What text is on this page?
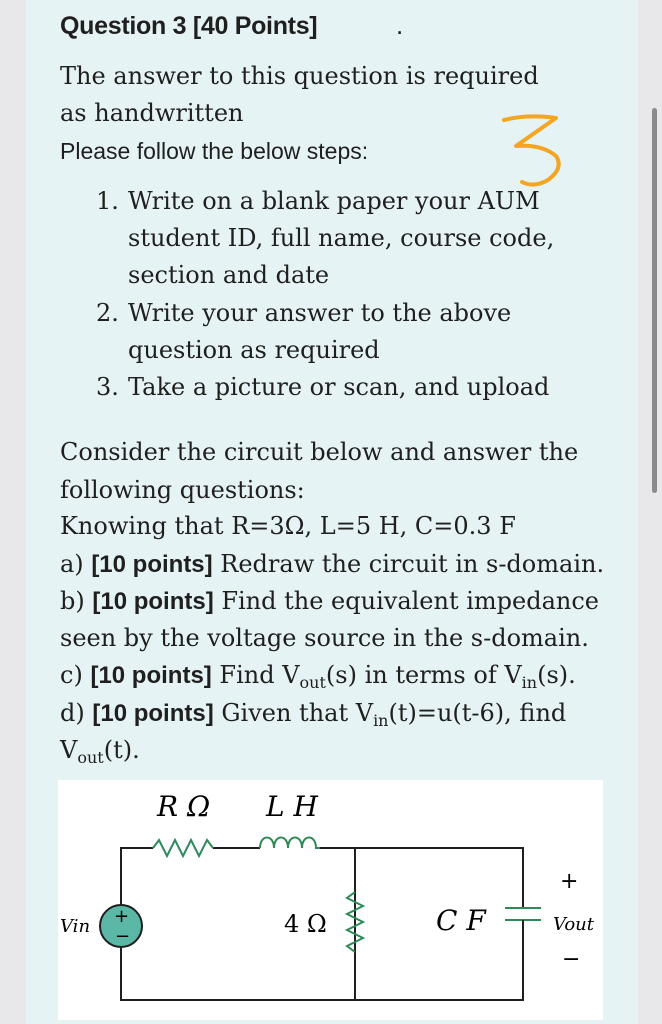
Question 3 [40 Points]	.
The answer to this question is required
as handwritten
Please follow the below steps:
1. Write on a blank paper your AUM
student ID, full name, course code,
section and date
2. Write your answer to the above
question as required
3. Take a picture or scan, and upload
Consider the circuit below and answer the
following questions:
Knowing that R=3Ω, L=5 H, C=0.3 F
a) [10 points] Redraw the circuit in s-domain.
b) [10 points] Find the equivalent impedance
seen by the voltage source in the s-domain.
c) [10 points] Find $V_{out}(s)$ in terms of $V_{in}(s)$.
d) [10 points] Given that $V_{in}(t)=u(t-6)$, find
$V_{out}(t)$.
R Ω L H
4 Ω	C F
Vin	Vout
+
−
+
−
